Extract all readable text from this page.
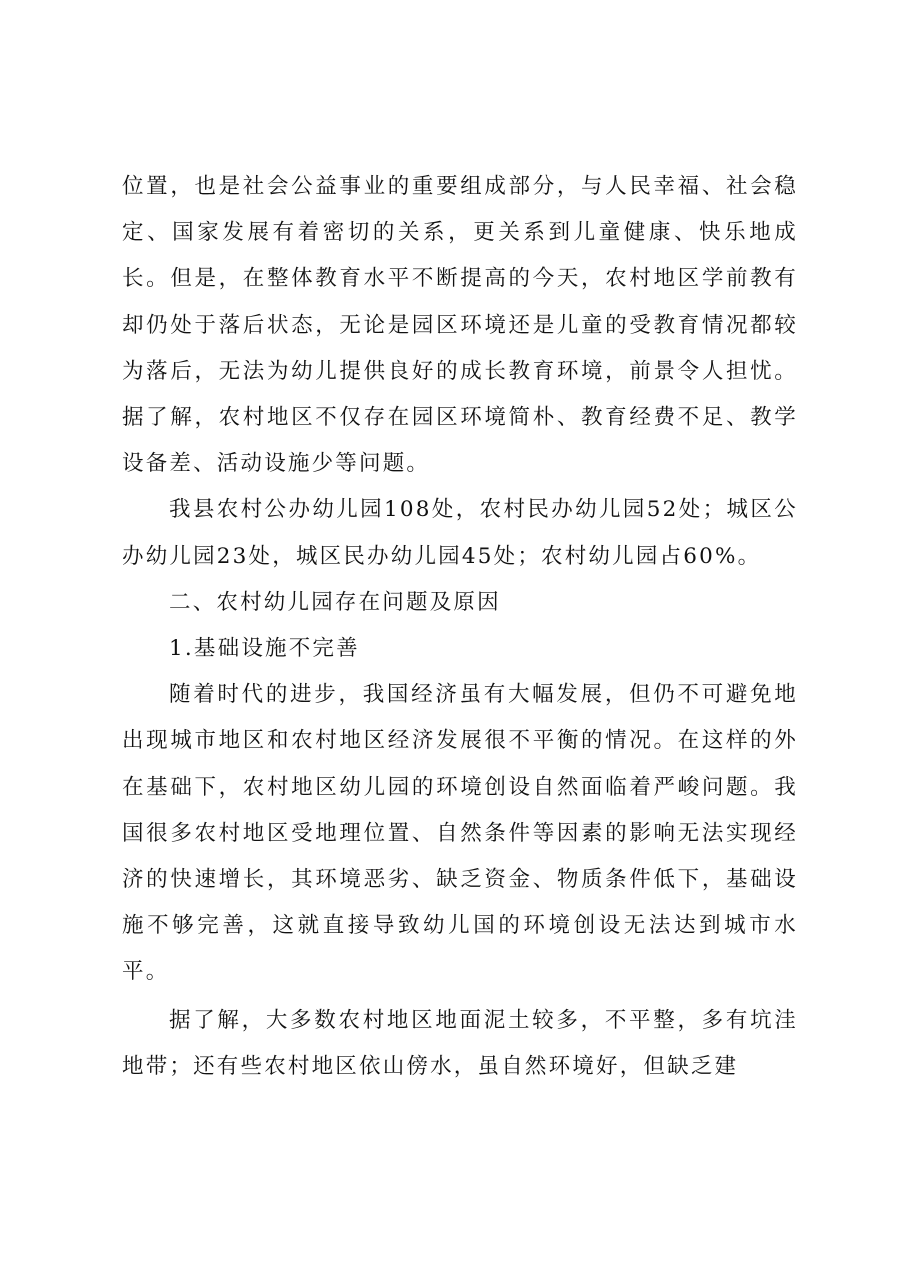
位置，也是社会公益事业的重要组成部分，与人民幸福、社会稳定、国家发展有着密切的关系，更关系到儿童健康、快乐地成长。但是，在整体教育水平不断提高的今天，农村地区学前教有却仍处于落后状态，无论是园区环境还是儿童的受教育情况都较为落后，无法为幼儿提供良好的成长教育环境，前景令人担忧。据了解，农村地区不仅存在园区环境简朴、教育经费不足、教学设备差、活动设施少等问题。

我县农村公办幼儿园108处，农村民办幼儿园52处；城区公办幼儿园23处，城区民办幼儿园45处；农村幼儿园占60%。

二、农村幼儿园存在问题及原因

1.基础设施不完善

随着时代的进步，我国经济虽有大幅发展，但仍不可避免地出现城市地区和农村地区经济发展很不平衡的情况。在这样的外在基础下，农村地区幼儿园的环境创设自然面临着严峻问题。我国很多农村地区受地理位置、自然条件等因素的影响无法实现经济的快速增长，其环境恶劣、缺乏资金、物质条件低下，基础设施不够完善，这就直接导致幼儿国的环境创设无法达到城市水平。

据了解，大多数农村地区地面泥土较多，不平整，多有坑洼地带；还有些农村地区依山傍水，虽自然环境好，但缺乏建
